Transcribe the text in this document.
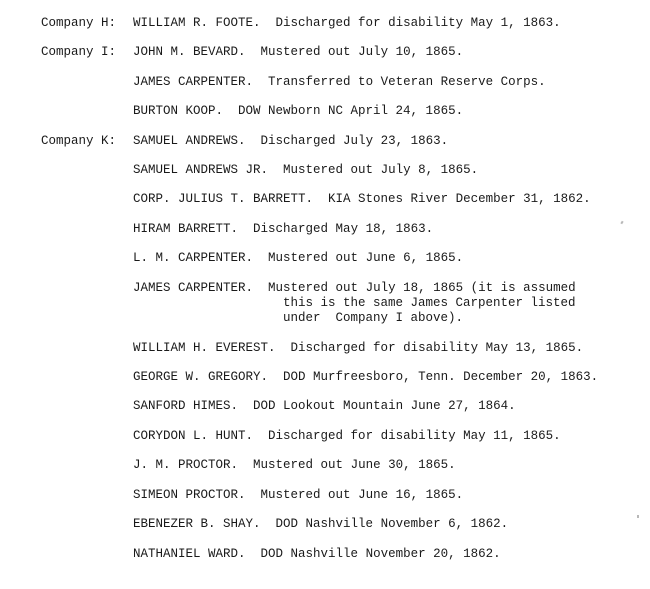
Company H: WILLIAM R. FOOTE. Discharged for disability May 1, 1863.
Company I: JOHN M. BEVARD. Mustered out July 10, 1865.
JAMES CARPENTER. Transferred to Veteran Reserve Corps.
BURTON KOOP. DOW Newborn NC April 24, 1865.
Company K: SAMUEL ANDREWS. Discharged July 23, 1863.
SAMUEL ANDREWS JR. Mustered out July 8, 1865.
CORP. JULIUS T. BARRETT. KIA Stones River December 31, 1862.
HIRAM BARRETT. Discharged May 18, 1863.
L. M. CARPENTER. Mustered out June 6, 1865.
JAMES CARPENTER. Mustered out July 18, 1865 (it is assumed
this is the same James Carpenter listed
under  Company I above).
WILLIAM H. EVEREST. Discharged for disability May 13, 1865.
GEORGE W. GREGORY. DOD Murfreesboro, Tenn. December 20, 1863.
SANFORD HIMES. DOD Lookout Mountain June 27, 1864.
CORYDON L. HUNT. Discharged for disability May 11, 1865.
J. M. PROCTOR. Mustered out June 30, 1865.
SIMEON PROCTOR. Mustered out June 16, 1865.
EBENEZER B. SHAY. DOD Nashville November 6, 1862.
NATHANIEL WARD. DOD Nashville November 20, 1862.
